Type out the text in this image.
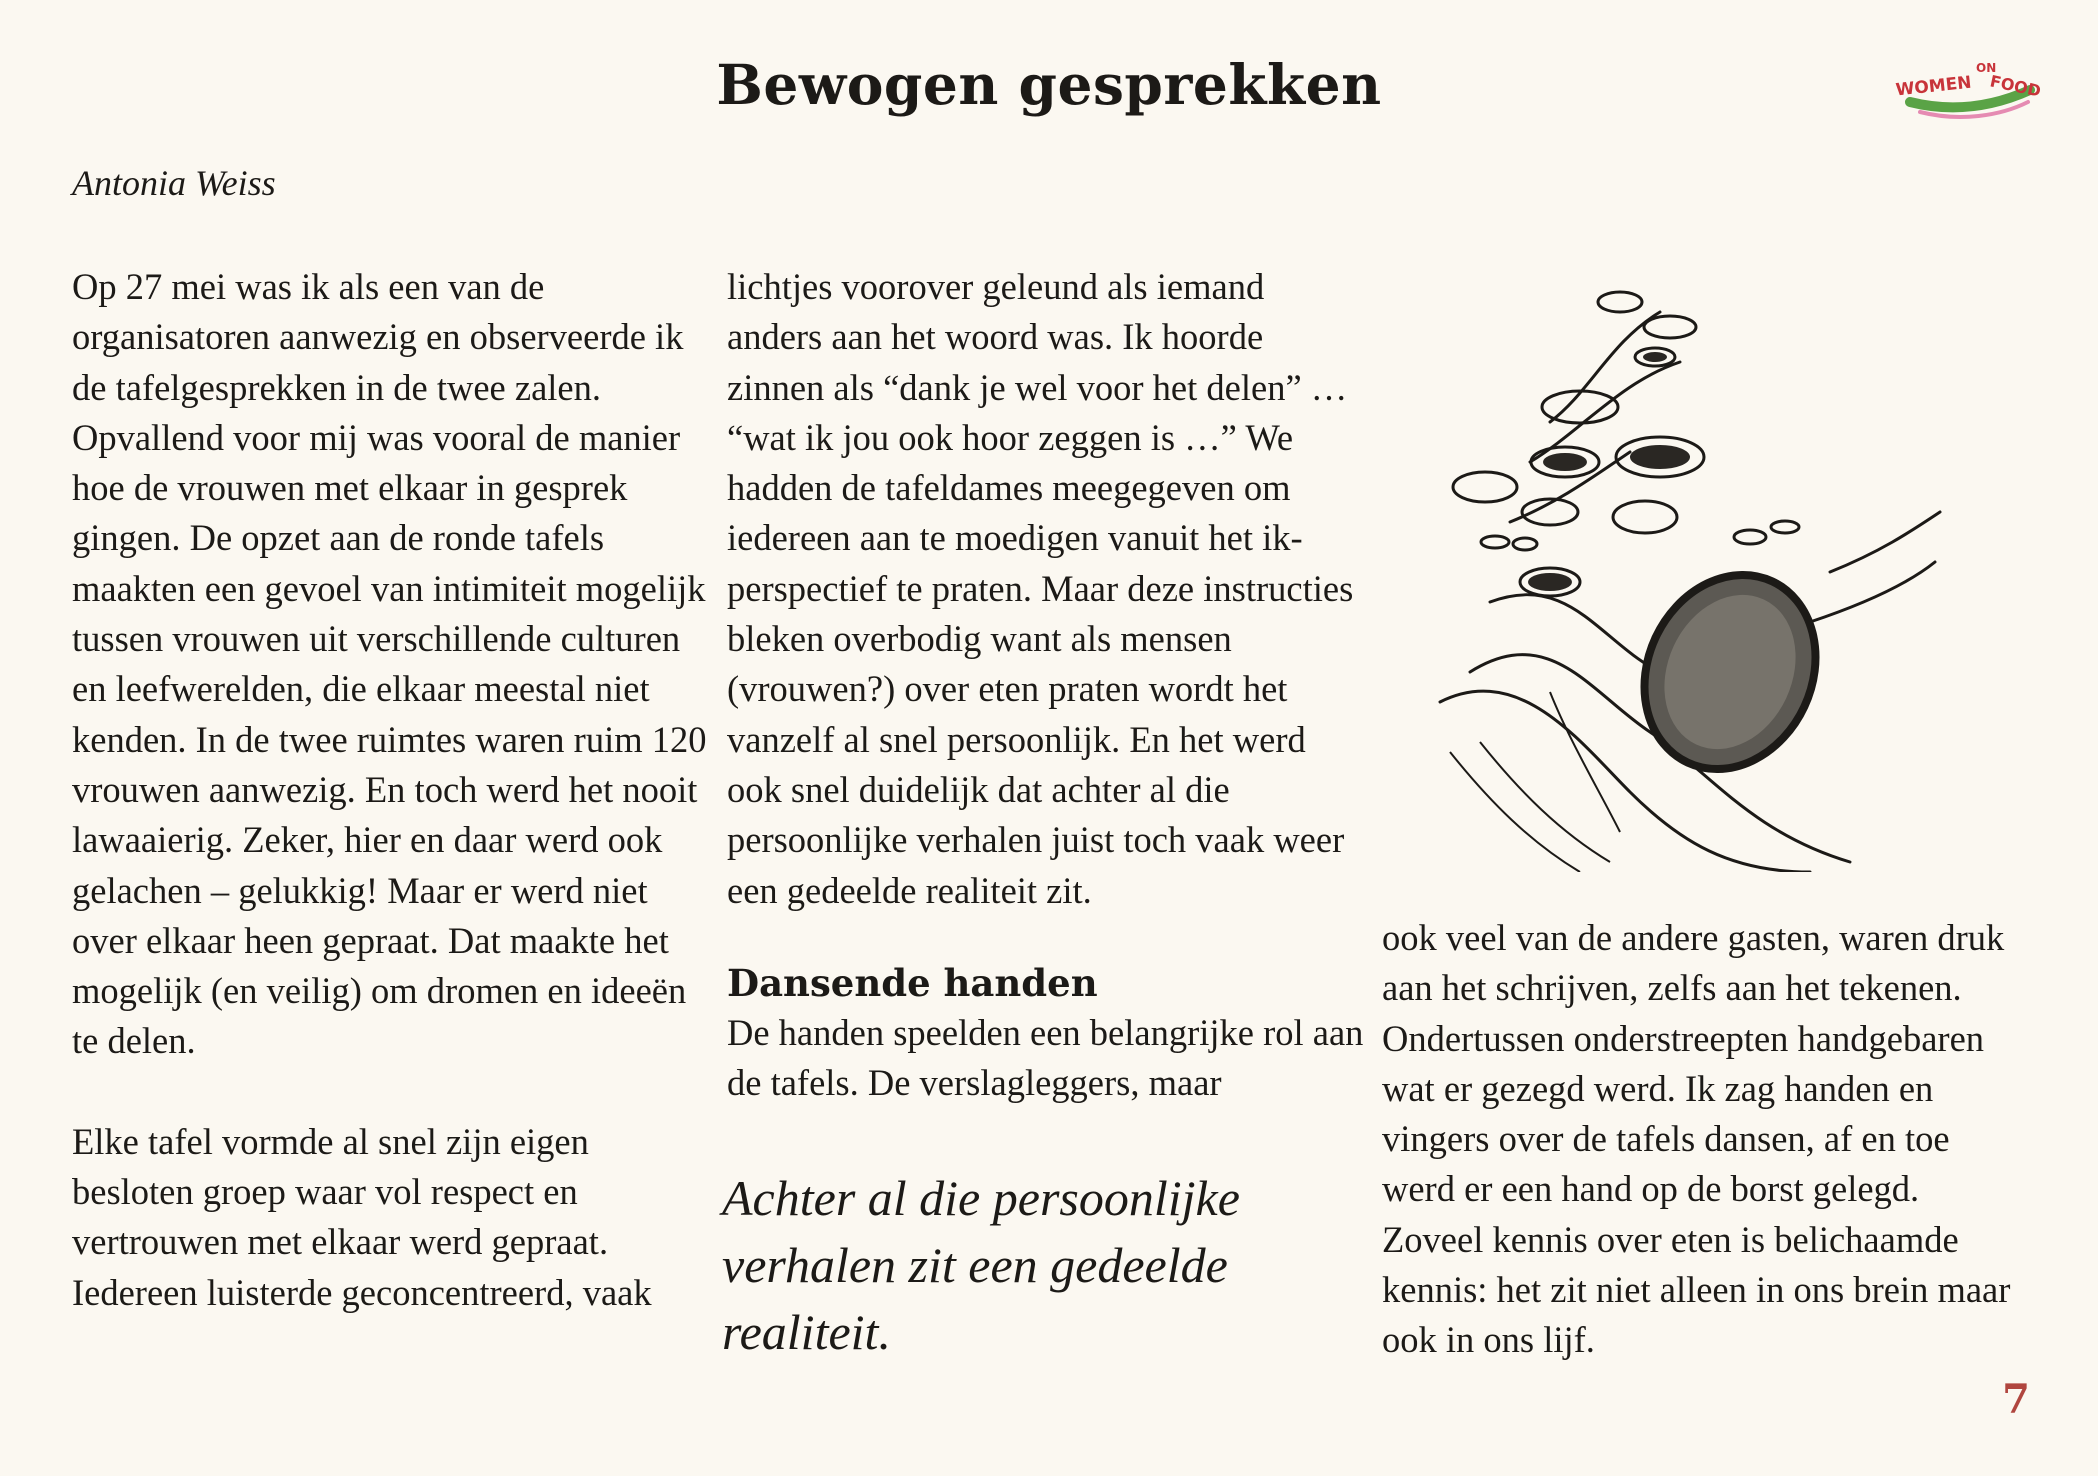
Bewogen gesprekken	WOMEN
ON
FOOD
Antonia Weiss

Op 27 mei was ik als een van de organisatoren aanwezig en observeerde ik de tafelgesprekken in de twee zalen. Opvallend voor mij was vooral de manier hoe de vrouwen met elkaar in gesprek gingen. De opzet aan de ronde tafels maakten een gevoel van intimiteit mogelijk tussen vrouwen uit verschillende culturen en leefwerelden, die elkaar meestal niet kenden. In de twee ruimtes waren ruim 120 vrouwen aanwezig. En toch werd het nooit lawaaierig. Zeker, hier en daar werd ook gelachen – gelukkig! Maar er werd niet over elkaar heen gepraat. Dat maakte het mogelijk (en veilig) om dromen en ideeën te delen.

Elke tafel vormde al snel zijn eigen besloten groep waar vol respect en vertrouwen met elkaar werd gepraat. Iedereen luisterde geconcentreerd, vaak

lichtjes voorover geleund als iemand anders aan het woord was. Ik hoorde zinnen als “dank je wel voor het delen” … “wat ik jou ook hoor zeggen is …” We hadden de tafeldames meegegeven om iedereen aan te moedigen vanuit het ik-perspectief te praten. Maar deze instructies bleken overbodig want als mensen (vrouwen?) over eten praten wordt het vanzelf al snel persoonlijk. En het werd ook snel duidelijk dat achter al die persoonlijke verhalen juist toch vaak weer een gedeelde realiteit zit.

Dansende handen

De handen speelden een belangrijke rol aan de tafels. De verslagleggers, maar

Achter al die persoonlijke verhalen zit een gedeelde realiteit.

ook veel van de andere gasten, waren druk aan het schrijven, zelfs aan het tekenen. Ondertussen onderstreepten handgebaren wat er gezegd werd. Ik zag handen en vingers over de tafels dansen, af en toe werd er een hand op de borst gelegd. Zoveel kennis over eten is belichaamde kennis: het zit niet alleen in ons brein maar ook in ons lijf.

7
